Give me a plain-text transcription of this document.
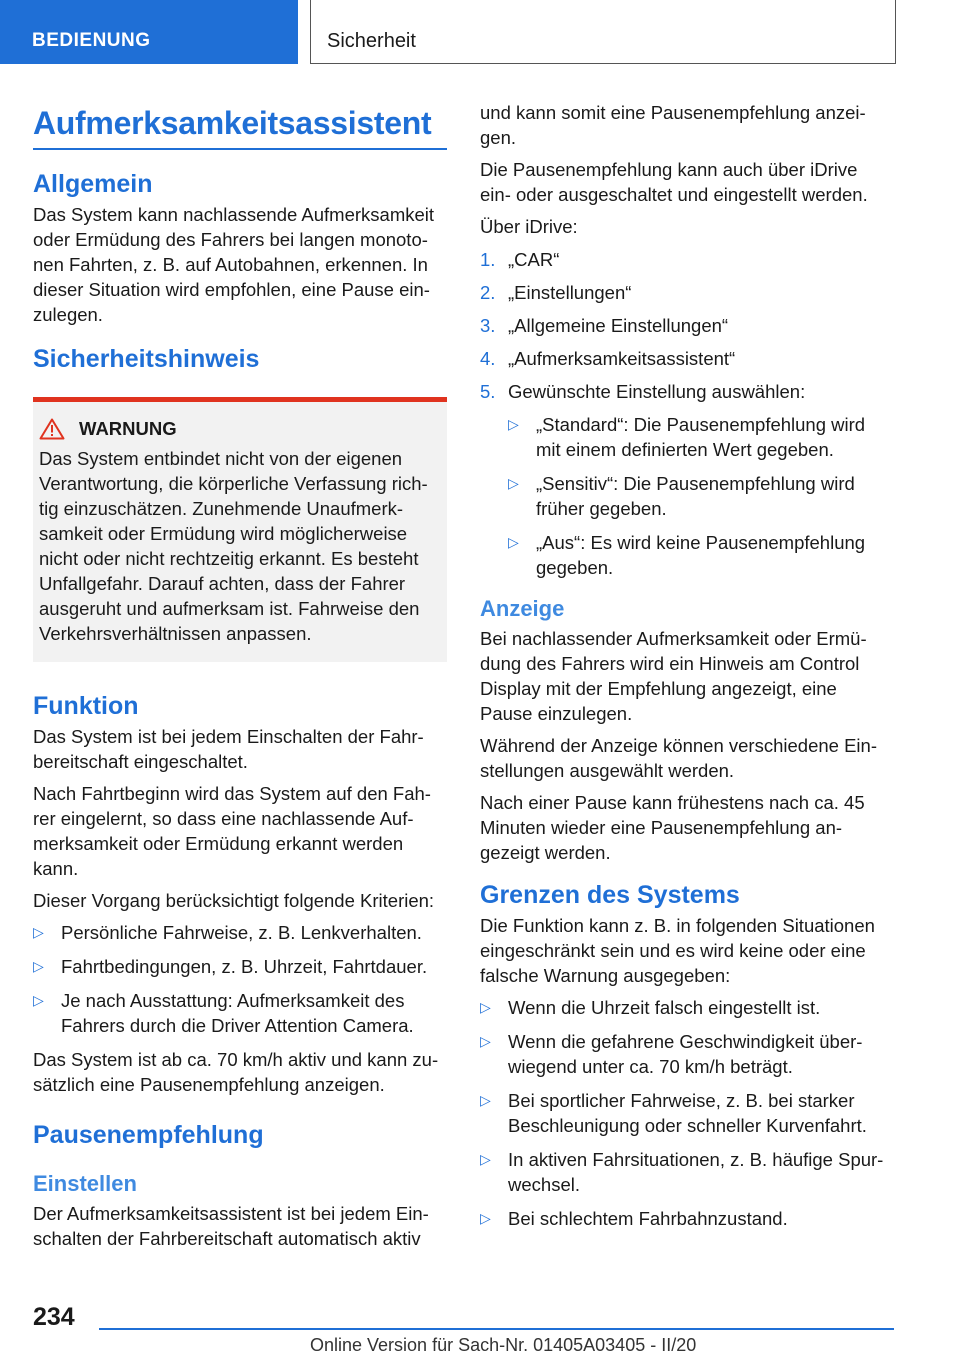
BEDIENUNG	Sicherheit
Aufmerksamkeitsassistent
Allgemein

Das System kann nachlassende Aufmerksamkeit oder Ermüdung des Fahrers bei langen monoto-nen Fahrten, z. B. auf Autobahnen, erkennen. In dieser Situation wird empfohlen, eine Pause ein-zulegen.

Sicherheitshinweis
WARNUNG

Das System entbindet nicht von der eigenen Verantwortung, die körperliche Verfassung rich-tig einzuschätzen. Zunehmende Unaufmerk-samkeit oder Ermüdung wird möglicherweise nicht oder nicht rechtzeitig erkannt. Es besteht Unfallgefahr. Darauf achten, dass der Fahrer ausgeruht und aufmerksam ist. Fahrweise den Verkehrsverhältnissen anpassen.

Funktion

Das System ist bei jedem Einschalten der Fahr-bereitschaft eingeschaltet.

Nach Fahrtbeginn wird das System auf den Fah-rer eingelernt, so dass eine nachlassende Auf-merksamkeit oder Ermüdung erkannt werden kann.

Dieser Vorgang berücksichtigt folgende Kriterien:

▷ Persönliche Fahrweise, z. B. Lenkverhalten.
▷ Fahrtbedingungen, z. B. Uhrzeit, Fahrtdauer.
▷ Je nach Ausstattung: Aufmerksamkeit des Fahrers durch die Driver Attention Camera.

Das System ist ab ca. 70 km/h aktiv und kann zu-sätzlich eine Pausenempfehlung anzeigen.

Pausenempfehlung
Einstellen

Der Aufmerksamkeitsassistent ist bei jedem Ein-schalten der Fahrbereitschaft automatisch aktiv

und kann somit eine Pausenempfehlung anzei-gen.

Die Pausenempfehlung kann auch über iDrive ein- oder ausgeschaltet und eingestellt werden.

Über iDrive:

1. „CAR“
2. „Einstellungen“
3. „Allgemeine Einstellungen“
4. „Aufmerksamkeitsassistent“
5. Gewünschte Einstellung auswählen:
▷ „Standard“: Die Pausenempfehlung wird mit einem definierten Wert gegeben.
▷ „Sensitiv“: Die Pausenempfehlung wird früher gegeben.
▷ „Aus“: Es wird keine Pausenempfehlung gegeben.
Anzeige

Bei nachlassender Aufmerksamkeit oder Ermü-dung des Fahrers wird ein Hinweis am Control Display mit der Empfehlung angezeigt, eine Pause einzulegen.

Während der Anzeige können verschiedene Ein-stellungen ausgewählt werden.

Nach einer Pause kann frühestens nach ca. 45 Minuten wieder eine Pausenempfehlung an-gezeigt werden.

Grenzen des Systems

Die Funktion kann z. B. in folgenden Situationen eingeschränkt sein und es wird keine oder eine falsche Warnung ausgegeben:

▷ Wenn die Uhrzeit falsch eingestellt ist.
▷ Wenn die gefahrene Geschwindigkeit über-wiegend unter ca. 70 km/h beträgt.
▷ Bei sportlicher Fahrweise, z. B. bei starker Beschleunigung oder schneller Kurvenfahrt.
▷ In aktiven Fahrsituationen, z. B. häufige Spur-wechsel.
▷ Bei schlechtem Fahrbahnzustand.
234
Online Version für Sach-Nr. 01405A03405 - II/20
